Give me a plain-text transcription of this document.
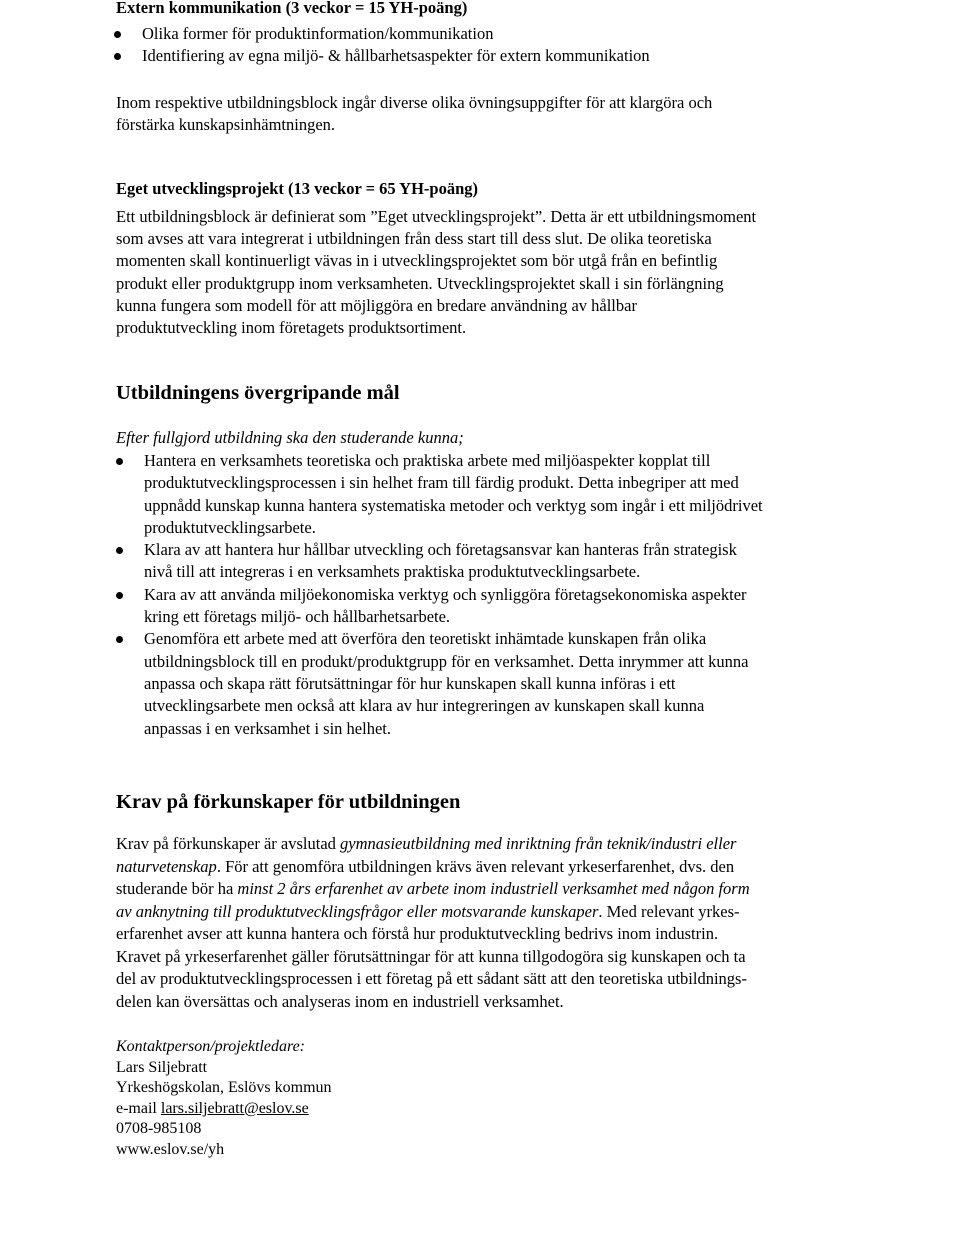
Extern kommunikation (3 veckor = 15 YH-poäng)

Olika former för produktinformation/kommunikation
Identifiering av egna miljö- & hållbarhetsaspekter för extern kommunikation

Inom respektive utbildningsblock ingår diverse olika övningsuppgifter för att klargöra och

förstärka kunskapsinhämtningen.

Eget utvecklingsprojekt (13 veckor = 65 YH-poäng)

Ett utbildningsblock är definierat som ”Eget utvecklingsprojekt”. Detta är ett utbildningsmoment

som avses att vara integrerat i utbildningen från dess start till dess slut. De olika teoretiska

momenten skall kontinuerligt vävas in i utvecklingsprojektet som bör utgå från en befintlig

produkt eller produktgrupp inom verksamheten. Utvecklingsprojektet skall i sin förlängning

kunna fungera som modell för att möjliggöra en bredare användning av hållbar

produktutveckling inom företagets produktsortiment.

Utbildningens övergripande mål

Efter fullgjord utbildning ska den studerande kunna;

Hantera en verksamhets teoretiska och praktiska arbete med miljöaspekter kopplat till
produktutvecklingsprocessen i sin helhet fram till färdig produkt. Detta inbegriper att med
uppnådd kunskap kunna hantera systematiska metoder och verktyg som ingår i ett miljödrivet
produktutvecklingsarbete.
Klara av att hantera hur hållbar utveckling och företagsansvar kan hanteras från strategisk
nivå till att integreras i en verksamhets praktiska produktutvecklingsarbete.
Kara av att använda miljöekonomiska verktyg och synliggöra företagsekonomiska aspekter
kring ett företags miljö- och hållbarhetsarbete.
Genomföra ett arbete med att överföra den teoretiskt inhämtade kunskapen från olika
utbildningsblock till en produkt/produktgrupp för en verksamhet. Detta inrymmer att kunna
anpassa och skapa rätt förutsättningar för hur kunskapen skall kunna införas i ett
utvecklingsarbete men också att klara av hur integreringen av kunskapen skall kunna
anpassas i en verksamhet i sin helhet.

Krav på förkunskaper för utbildningen

Krav på förkunskaper är avslutad gymnasieutbildning med inriktning från teknik/industri eller

naturvetenskap. För att genomföra utbildningen krävs även relevant yrkeserfarenhet, dvs. den

studerande bör ha minst 2 års erfarenhet av arbete inom industriell verksamhet med någon form

av anknytning till produktutvecklingsfrågor eller motsvarande kunskaper. Med relevant yrkes-

erfarenhet avser att kunna hantera och förstå hur produktutveckling bedrivs inom industrin.

Kravet på yrkeserfarenhet gäller förutsättningar för att kunna tillgodogöra sig kunskapen och ta

del av produktutvecklingsprocessen i ett företag på ett sådant sätt att den teoretiska utbildnings-

delen kan översättas och analyseras inom en industriell verksamhet.

Kontaktperson/projektledare:

Lars Siljebratt

Yrkeshögskolan, Eslövs kommun

e-mail lars.siljebratt@eslov.se

0708-985108

www.eslov.se/yh
